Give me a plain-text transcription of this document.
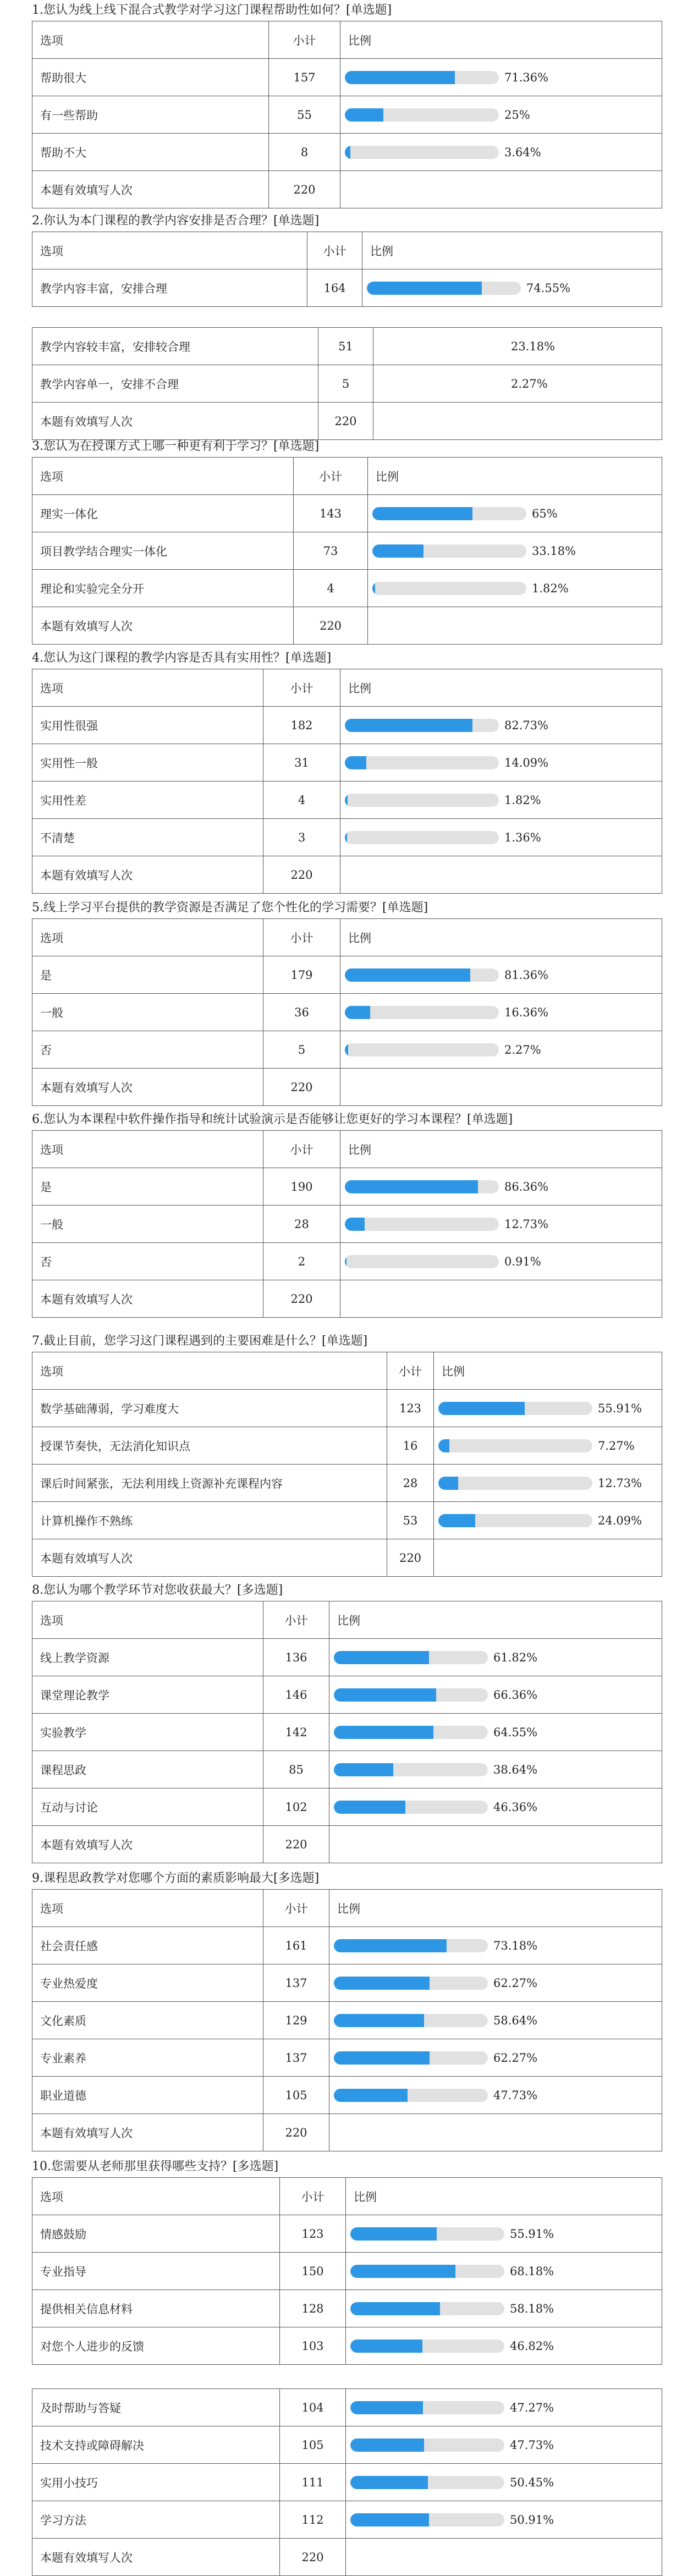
1.您认为线上线下混合式教学对学习这门课程帮助性如何？[单选题]
选项	小计	比例
帮助很大	157	71.36%

有一些帮助	55	25%

帮助不大	8	3.64%

本题有效填写人次	220	
2.你认为本门课程的教学内容安排是否合理？[单选题]
选项	小计	比例
教学内容丰富，安排合理	164	74.55%
教学内容较丰富，安排较合理	51	23.18%

教学内容单一，安排不合理	5	2.27%

本题有效填写人次	220	
3.您认为在授课方式上哪一种更有利于学习？[单选题]
选项	小计	比例
理实一体化	143	65%

项目教学结合理实一体化	73	33.18%

理论和实验完全分开	4	1.82%

本题有效填写人次	220	
4.您认为这门课程的教学内容是否具有实用性？[单选题]
选项	小计	比例
实用性很强	182	82.73%

实用性一般	31	14.09%

实用性差	4	1.82%

不清楚	3	1.36%

本题有效填写人次	220	
5.线上学习平台提供的教学资源是否满足了您个性化的学习需要？[单选题]
选项	小计	比例
是	179	81.36%

一般	36	16.36%

否	5	2.27%

本题有效填写人次	220	
6.您认为本课程中软件操作指导和统计试验演示是否能够让您更好的学习本课程？[单选题]
选项	小计	比例
是	190	86.36%

一般	28	12.73%

否	2	0.91%

本题有效填写人次	220	
7.截止目前，您学习这门课程遇到的主要困难是什么？[单选题]
选项	小计	比例
数学基础薄弱，学习难度大	123	55.91%

授课节奏快，无法消化知识点	16	7.27%

课后时间紧张，无法利用线上资源补充课程内容	28	12.73%

计算机操作不熟练	53	24.09%

本题有效填写人次	220	
8.您认为哪个教学环节对您收获最大？[多选题]
选项	小计	比例
线上教学资源	136	61.82%

课堂理论教学	146	66.36%

实验教学	142	64.55%

课程思政	85	38.64%

互动与讨论	102	46.36%

本题有效填写人次	220	
9.课程思政教学对您哪个方面的素质影响最大[多选题]
选项	小计	比例
社会责任感	161	73.18%

专业热爱度	137	62.27%

文化素质	129	58.64%

专业素养	137	62.27%

职业道德	105	47.73%

本题有效填写人次	220	
10.您需要从老师那里获得哪些支持？[多选题]
选项	小计	比例
情感鼓励	123	55.91%

专业指导	150	68.18%

提供相关信息材料	128	58.18%

对您个人进步的反馈	103	46.82%
及时帮助与答疑	104	47.27%

技术支持或障碍解决	105	47.73%

实用小技巧	111	50.45%

学习方法	112	50.91%

本题有效填写人次	220	
